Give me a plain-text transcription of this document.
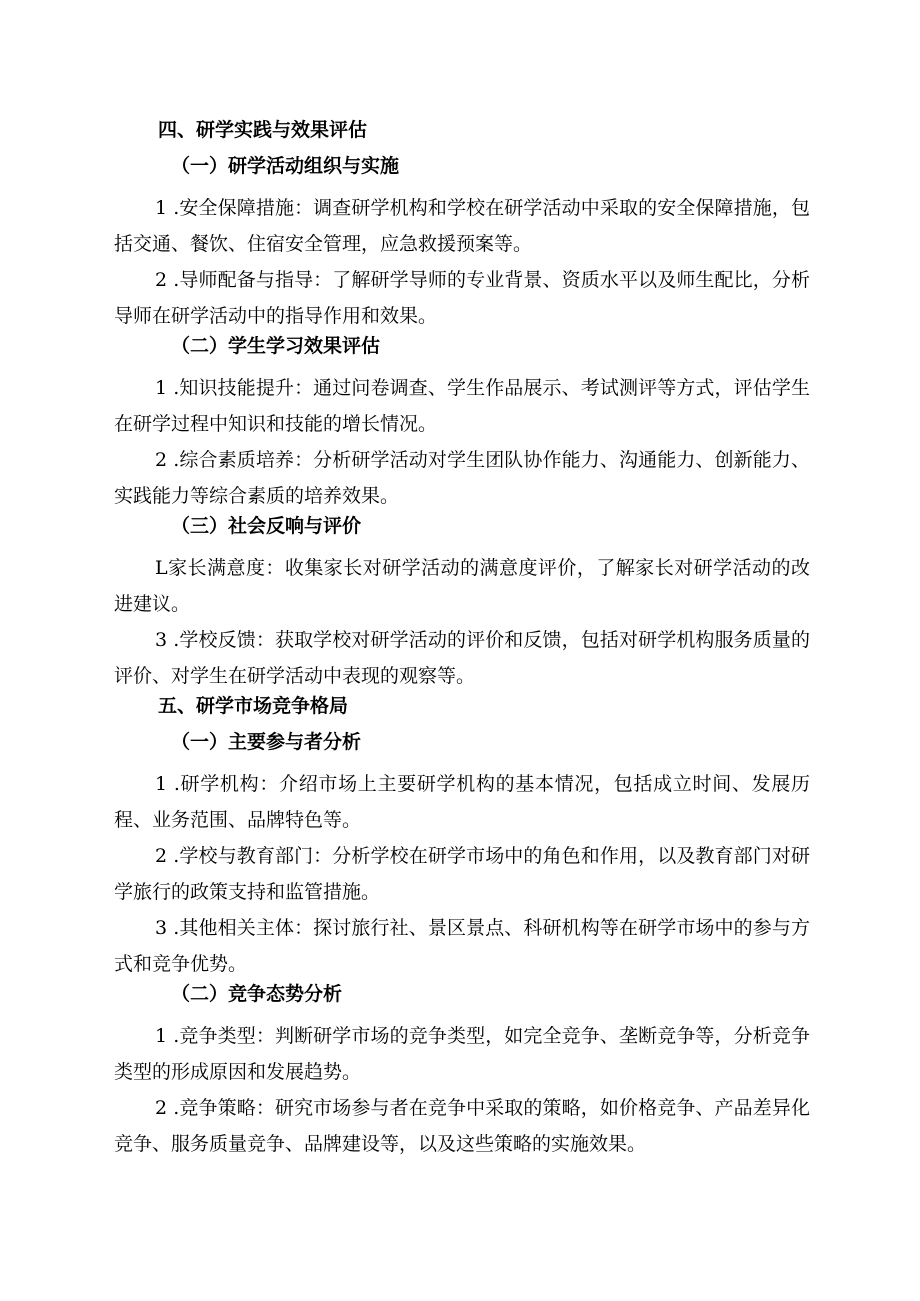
四、研学实践与效果评估
（一）研学活动组织与实施

1 .安全保障措施：调查研学机构和学校在研学活动中采取的安全保障措施，包括交通、餐饮、住宿安全管理，应急救援预案等。

2 .导师配备与指导：了解研学导师的专业背景、资质水平以及师生配比，分析导师在研学活动中的指导作用和效果。

（二）学生学习效果评估

1 .知识技能提升：通过问卷调查、学生作品展示、考试测评等方式，评估学生在研学过程中知识和技能的增长情况。

2 .综合素质培养：分析研学活动对学生团队协作能力、沟通能力、创新能力、实践能力等综合素质的培养效果。

（三）社会反响与评价

L家长满意度：收集家长对研学活动的满意度评价，了解家长对研学活动的改进建议。

3 .学校反馈：获取学校对研学活动的评价和反馈，包括对研学机构服务质量的评价、对学生在研学活动中表现的观察等。

五、研学市场竞争格局
（一）主要参与者分析

1 .研学机构：介绍市场上主要研学机构的基本情况，包括成立时间、发展历程、业务范围、品牌特色等。

2 .学校与教育部门：分析学校在研学市场中的角色和作用，以及教育部门对研学旅行的政策支持和监管措施。

3 .其他相关主体：探讨旅行社、景区景点、科研机构等在研学市场中的参与方式和竞争优势。

（二）竞争态势分析

1 .竞争类型：判断研学市场的竞争类型，如完全竞争、垄断竞争等，分析竞争类型的形成原因和发展趋势。

2 .竞争策略：研究市场参与者在竞争中采取的策略，如价格竞争、产品差异化竞争、服务质量竞争、品牌建设等，以及这些策略的实施效果。
